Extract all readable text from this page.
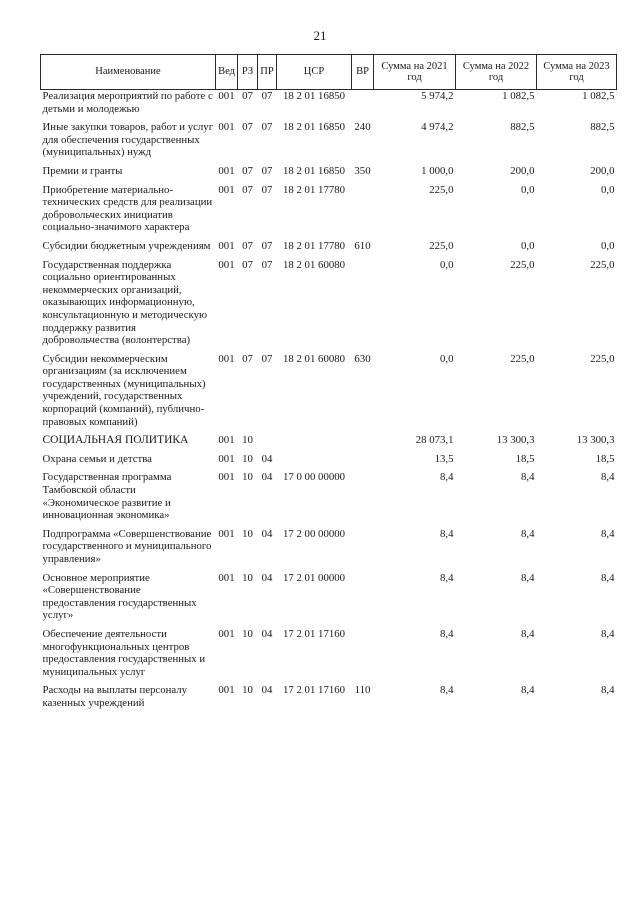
21
Наименование	Вед	РЗ	ПР	ЦСР	ВР	Сумма на 2021 год	Сумма на 2022 год	Сумма на 2023 год
Реализация мероприятий по работе с детьми и молодежью	001	07	07	18 2 01 16850		5 974,2	1 082,5	1 082,5
Иные закупки товаров, работ и услуг для обеспечения государственных (муниципальных) нужд	001	07	07	18 2 01 16850	240	4 974,2	882,5	882,5
Премии и гранты	001	07	07	18 2 01 16850	350	1 000,0	200,0	200,0
Приобретение материально-технических средств для реализации добровольческих инициатив социально-значимого характера	001	07	07	18 2 01 17780		225,0	0,0	0,0
Субсидии бюджетным учреждениям	001	07	07	18 2 01 17780	610	225,0	0,0	0,0
Государственная поддержка социально ориентированных некоммерческих организаций, оказывающих информационную, консультационную и методическую поддержку развития добровольчества (волонтерства)	001	07	07	18 2 01 60080		0,0	225,0	225,0
Субсидии некоммерческим организациям (за исключением государственных (муниципальных) учреждений, государственных корпораций (компаний), публично-правовых компаний)	001	07	07	18 2 01 60080	630	0,0	225,0	225,0
СОЦИАЛЬНАЯ ПОЛИТИКА	001	10				28 073,1	13 300,3	13 300,3
Охрана семьи и детства	001	10	04			13,5	18,5	18,5
Государственная программа Тамбовской области «Экономическое развитие и инновационная экономика»	001	10	04	17 0 00 00000		8,4	8,4	8,4
Подпрограмма «Совершенствование государственного и муниципального управления»	001	10	04	17 2 00 00000		8,4	8,4	8,4
Основное мероприятие «Совершенствование предоставления государственных услуг»	001	10	04	17 2 01 00000		8,4	8,4	8,4
Обеспечение деятельности многофункциональных центров предоставления государственных и муниципальных услуг	001	10	04	17 2 01 17160		8,4	8,4	8,4
Расходы на выплаты персоналу казенных учреждений	001	10	04	17 2 01 17160	110	8,4	8,4	8,4
